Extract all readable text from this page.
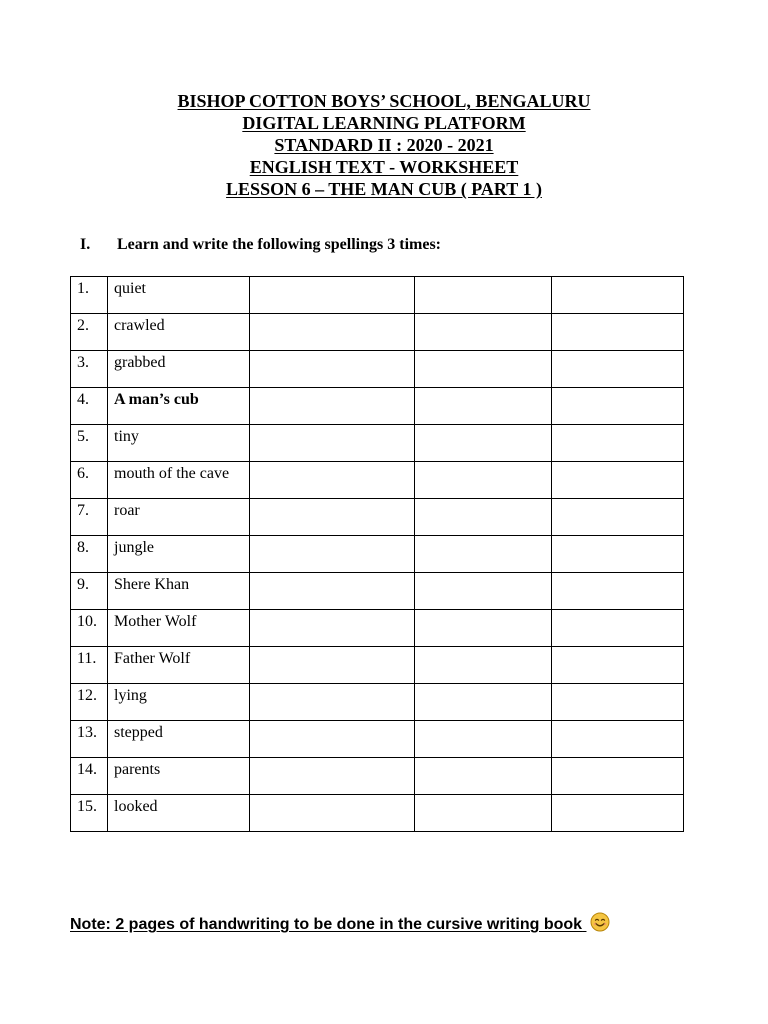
BISHOP COTTON BOYS’ SCHOOL, BENGALURU
DIGITAL LEARNING PLATFORM
STANDARD II : 2020 - 2021
ENGLISH TEXT - WORKSHEET
LESSON 6 – THE MAN CUB ( PART 1 )
I. Learn and write the following spellings 3 times:
1.	quiet			
2.	crawled			
3.	grabbed			
4.	A man’s cub			
5.	tiny			
6.	mouth of the cave			
7.	roar			
8.	jungle			
9.	Shere Khan			
10.	Mother Wolf			
11.	Father Wolf			
12.	lying			
13.	stepped			
14.	parents			
15.	looked			
Note: 2 pages of handwriting to be done in the cursive writing book
